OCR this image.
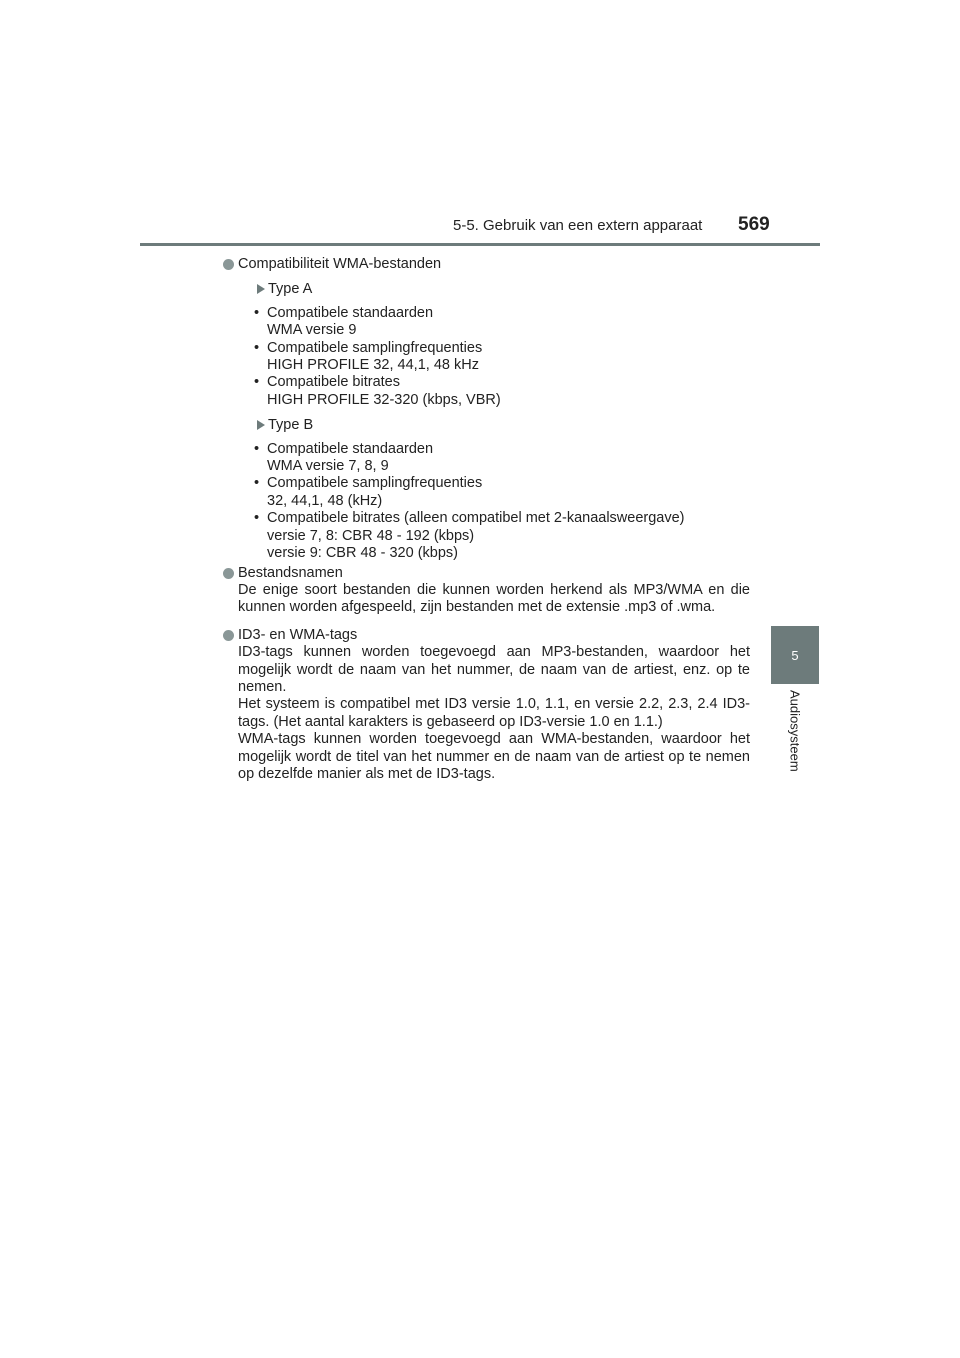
5-5. Gebruik van een extern apparaat 569
5
Audiosysteem
Compatibiliteit WMA-bestanden
Type A
• Compatibele standaarden
WMA versie 9
• Compatibele samplingfrequenties
HIGH PROFILE 32, 44,1, 48 kHz
• Compatibele bitrates
HIGH PROFILE 32-320 (kbps, VBR)
Type B
• Compatibele standaarden
WMA versie 7, 8, 9
• Compatibele samplingfrequenties
32, 44,1, 48 (kHz)
• Compatibele bitrates (alleen compatibel met 2-kanaalsweergave)
versie 7, 8: CBR 48 - 192 (kbps)
versie 9: CBR 48 - 320 (kbps)
Bestandsnamen
De enige soort bestanden die kunnen worden herkend als MP3/WMA en die kunnen worden afgespeeld, zijn bestanden met de extensie .mp3 of .wma.
ID3- en WMA-tags

ID3-tags kunnen worden toegevoegd aan MP3-bestanden, waardoor het mogelijk wordt de naam van het nummer, de naam van de artiest, enz. op te nemen.

Het systeem is compatibel met ID3 versie 1.0, 1.1, en versie 2.2, 2.3, 2.4 ID3-tags. (Het aantal karakters is gebaseerd op ID3-versie 1.0 en 1.1.)

WMA-tags kunnen worden toegevoegd aan WMA-bestanden, waardoor het mogelijk wordt de titel van het nummer en de naam van de artiest op te nemen op dezelfde manier als met de ID3-tags.
